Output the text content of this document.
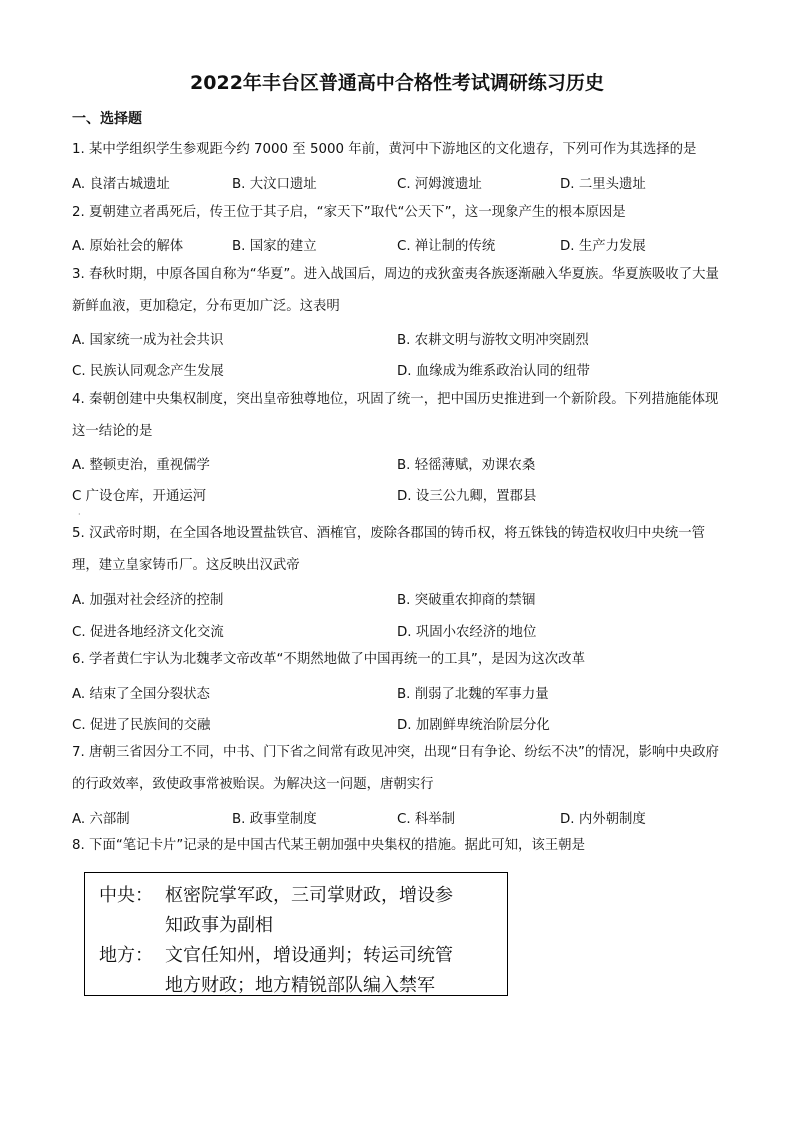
2022年丰台区普通高中合格性考试调研练习历史
一、选择题
1. 某中学组织学生参观距今约 7000 至 5000 年前，黄河中下游地区的文化遗存，下列可作为其选择的是
A. 良渚古城遗址	B. 大汶口遗址	C. 河姆渡遗址	D. 二里头遗址
2. 夏朝建立者禹死后，传王位于其子启，“家天下”取代“公天下”，这一现象产生的根本原因是
A. 原始社会的解体	B. 国家的建立	C. 禅让制的传统	D. 生产力发展
3. 春秋时期，中原各国自称为“华夏”。进入战国后，周边的戎狄蛮夷各族逐渐融入华夏族。华夏族吸收了大量新鲜血液，更加稳定，分布更加广泛。这表明
A. 国家统一成为社会共识	B. 农耕文明与游牧文明冲突剧烈
C. 民族认同观念产生发展	D. 血缘成为维系政治认同的纽带
4. 秦朝创建中央集权制度，突出皇帝独尊地位，巩固了统一，把中国历史推进到一个新阶段。下列措施能体现这一结论的是
A. 整顿吏治，重视儒学	B. 轻徭薄赋，劝课农桑
C 广设仓库，开通运河	D. 设三公九卿，置郡县
·
5. 汉武帝时期，在全国各地设置盐铁官、酒榷官，废除各郡国的铸币权，将五铢钱的铸造权收归中央统一管理，建立皇家铸币厂。这反映出汉武帝
A. 加强对社会经济的控制	B. 突破重农抑商的禁锢
C. 促进各地经济文化交流	D. 巩固小农经济的地位
6. 学者黄仁宇认为北魏孝文帝改革“不期然地做了中国再统一的工具”，是因为这次改革
A. 结束了全国分裂状态	B. 削弱了北魏的军事力量
C. 促进了民族间的交融	D. 加剧鲜卑统治阶层分化
7. 唐朝三省因分工不同，中书、门下省之间常有政见冲突，出现“日有争论、纷纭不决”的情况，影响中央政府的行政效率，致使政事常被贻误。为解决这一问题，唐朝实行
A. 六部制	B. 政事堂制度	C. 科举制	D. 内外朝制度
8. 下面“笔记卡片”记录的是中国古代某王朝加强中央集权的措施。据此可知，该王朝是
中央： 枢密院掌军政，三司掌财政，增设参
知政事为副相
地方： 文官任知州，增设通判；转运司统管
地方财政；地方精锐部队编入禁军
